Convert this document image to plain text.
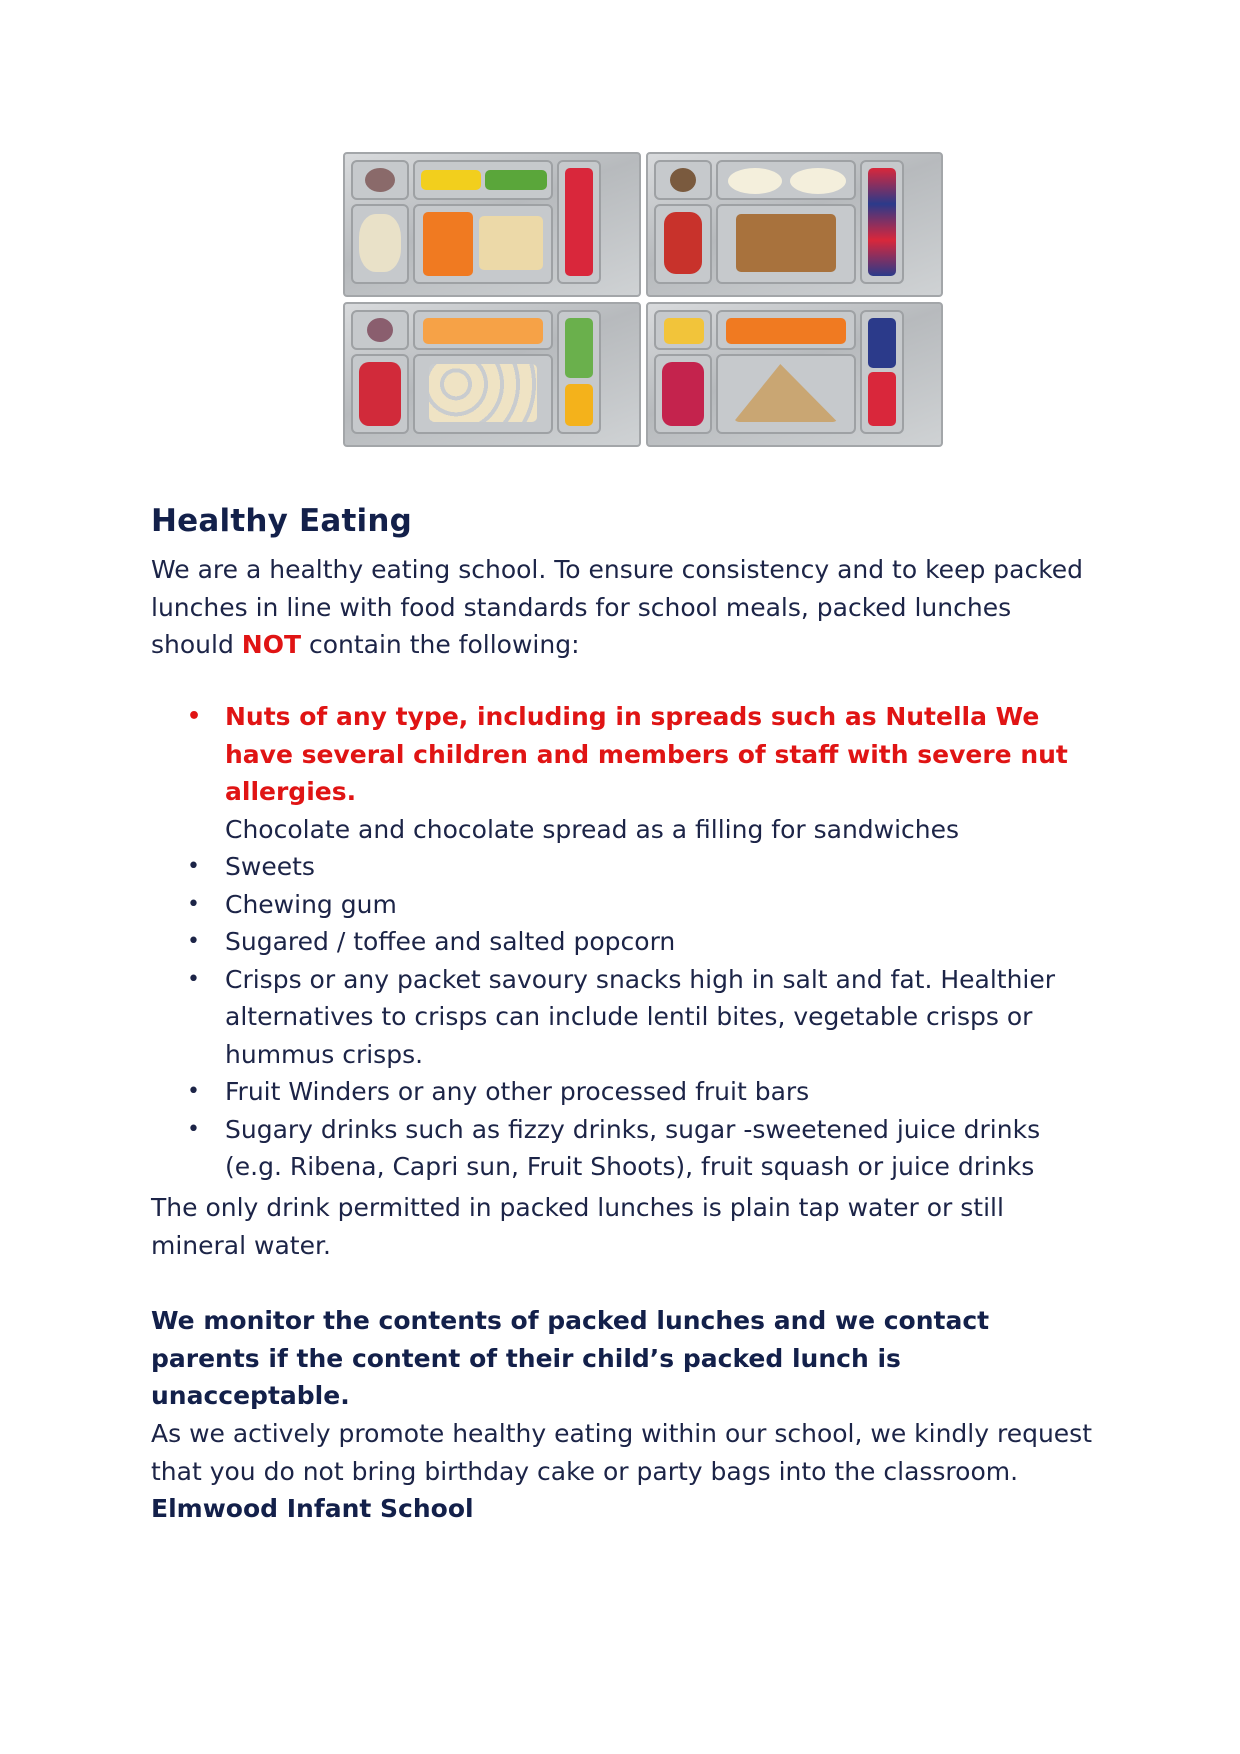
Healthy Eating

We are a healthy eating school. To ensure consistency and to keep packed lunches in line with food standards for school meals, packed lunches should NOT contain the following:

• Nuts of any type, including in spreads such as Nutella We have several children and members of staff with severe nut allergies.
Chocolate and chocolate spread as a filling for sandwiches
• Sweets
• Chewing gum
• Sugared / toffee and salted popcorn
• Crisps or any packet savoury snacks high in salt and fat. Healthier alternatives to crisps can include lentil bites, vegetable crisps or hummus crisps.
• Fruit Winders or any other processed fruit bars
• Sugary drinks such as fizzy drinks, sugar -sweetened juice drinks (e.g. Ribena, Capri sun, Fruit Shoots), fruit squash or juice drinks

The only drink permitted in packed lunches is plain tap water or still mineral water.

We monitor the contents of packed lunches and we contact parents if the content of their child’s packed lunch is unacceptable.

As we actively promote healthy eating within our school, we kindly request that you do not bring birthday cake or party bags into the classroom.

Elmwood Infant School
